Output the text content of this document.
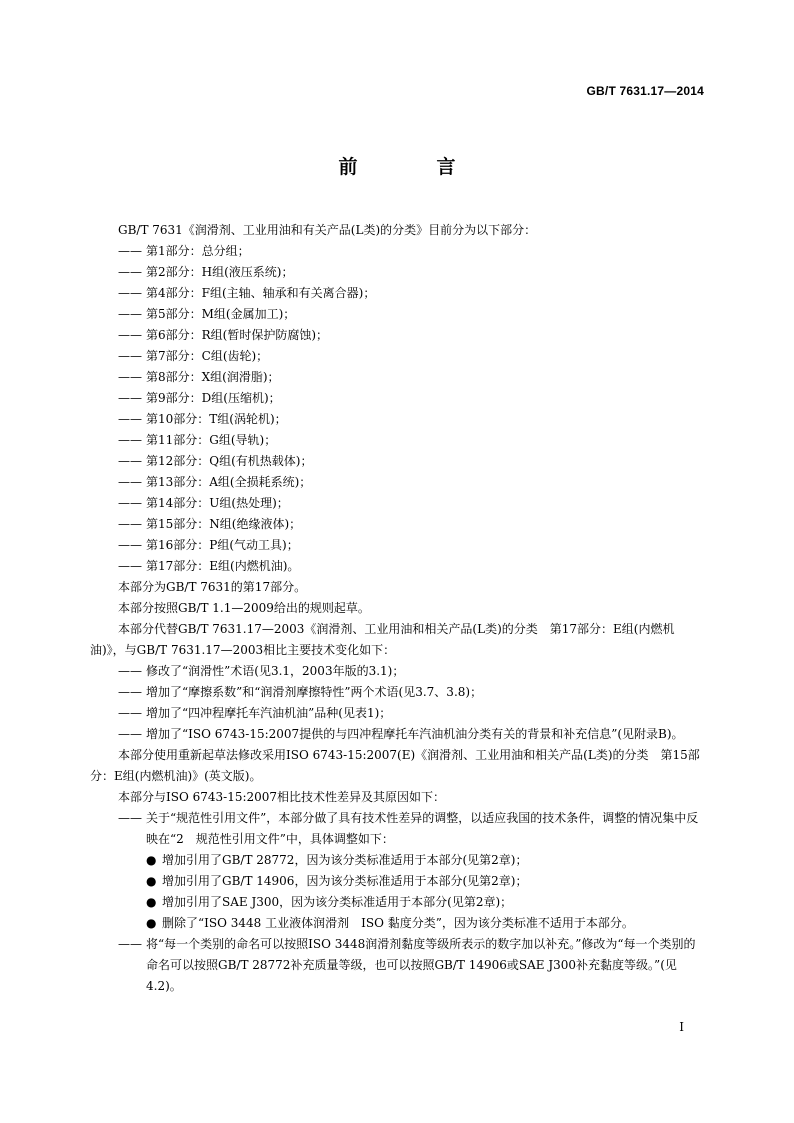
GB/T 7631.17—2014
前　言

GB/T 7631《润滑剂、工业用油和有关产品(L类)的分类》目前分为以下部分：

—— 第1部分：总分组；

—— 第2部分：H组(液压系统)；

—— 第4部分：F组(主轴、轴承和有关离合器)；

—— 第5部分：M组(金属加工)；

—— 第6部分：R组(暂时保护防腐蚀)；

—— 第7部分：C组(齿轮)；

—— 第8部分：X组(润滑脂)；

—— 第9部分：D组(压缩机)；

—— 第10部分：T组(涡轮机)；

—— 第11部分：G组(导轨)；

—— 第12部分：Q组(有机热载体)；

—— 第13部分：A组(全损耗系统)；

—— 第14部分：U组(热处理)；

—— 第15部分：N组(绝缘液体)；

—— 第16部分：P组(气动工具)；

—— 第17部分：E组(内燃机油)。

本部分为GB/T 7631的第17部分。

本部分按照GB/T 1.1—2009给出的规则起草。

本部分代替GB/T 7631.17—2003《润滑剂、工业用油和相关产品(L类)的分类　第17部分：E组(内燃机油)》，与GB/T 7631.17—2003相比主要技术变化如下：

—— 修改了“润滑性”术语(见3.1，2003年版的3.1)；

—— 增加了“摩擦系数”和“润滑剂摩擦特性”两个术语(见3.7、3.8)；

—— 增加了“四冲程摩托车汽油机油”品种(见表1)；

—— 增加了“ISO 6743-15:2007提供的与四冲程摩托车汽油机油分类有关的背景和补充信息”(见附录B)。

本部分使用重新起草法修改采用ISO 6743-15:2007(E)《润滑剂、工业用油和相关产品(L类)的分类　第15部分：E组(内燃机油)》(英文版)。

本部分与ISO 6743-15:2007相比技术性差异及其原因如下：

—— 关于“规范性引用文件”，本部分做了具有技术性差异的调整，以适应我国的技术条件，调整的情况集中反映在“2　规范性引用文件”中，具体调整如下：

● 增加引用了GB/T 28772，因为该分类标准适用于本部分(见第2章)；

● 增加引用了GB/T 14906，因为该分类标准适用于本部分(见第2章)；

● 增加引用了SAE J300，因为该分类标准适用于本部分(见第2章)；

● 删除了“ISO 3448 工业液体润滑剂　ISO 黏度分类”，因为该分类标准不适用于本部分。

—— 将“每一个类别的命名可以按照ISO 3448润滑剂黏度等级所表示的数字加以补充。”修改为“每一个类别的命名可以按照GB/T 28772补充质量等级，也可以按照GB/T 14906或SAE J300补充黏度等级。”(见4.2)。

I
